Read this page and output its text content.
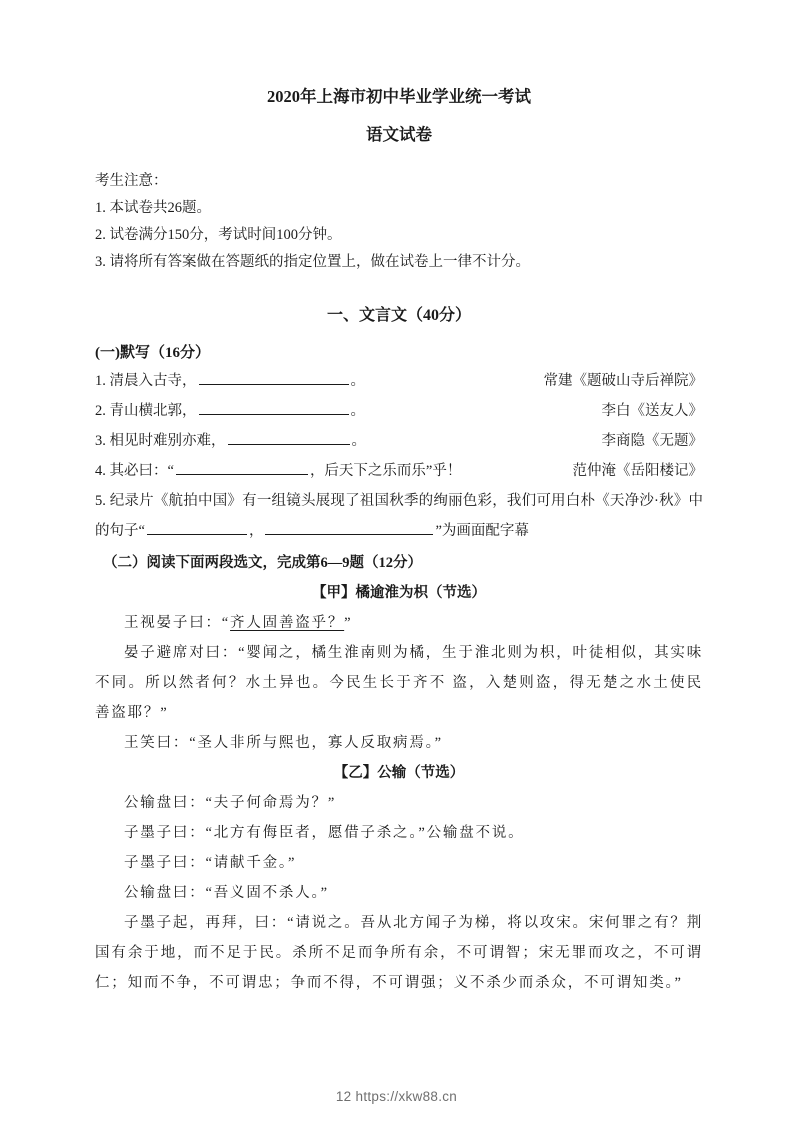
2020年上海市初中毕业学业统一考试
语文试卷
考生注意：
1. 本试卷共26题。
2. 试卷满分150分，考试时间100分钟。
3. 请将所有答案做在答题纸的指定位置上，做在试卷上一律不计分。
一、文言文（40分）
(一)默写（16分）
1. 清晨入古寺，	。	常建《题破山寺后禅院》
2. 青山横北郭，	。	李白《送友人》
3. 相见时难别亦难，	。	李商隐《无题》
4. 其必曰：“	，后天下之乐而乐”乎！	范仲淹《岳阳楼记》
5. 纪录片《航拍中国》有一组镜头展现了祖国秋季的绚丽色彩，我们可用白朴《天净沙·秋》中的句子“	，	”为画面配字幕
（二）阅读下面两段选文，完成第6—9题（12分）
【甲】橘逾淮为枳（节选）

王视晏子曰：“齐人固善盗乎？”

晏子避席对曰：“婴闻之，橘生淮南则为橘，生于淮北则为枳，叶徒相似，其实味不同。所以然者何？水土异也。今民生长于齐不 盗，入楚则盗，得无楚之水土使民善盗耶？”

王笑曰：“圣人非所与熙也，寡人反取病焉。”

【乙】公输（节选）

公输盘曰：“夫子何命焉为？”

子墨子曰：“北方有侮臣者，愿借子杀之。”公输盘不说。

子墨子曰：“请献千金。”

公输盘曰：“吾义固不杀人。”

子墨子起，再拜，曰：“请说之。吾从北方闻子为梯，将以攻宋。宋何罪之有？荆国有余于地，而不足于民。杀所不足而争所有余，不可谓智；宋无罪而攻之，不可谓仁；知而不争，不可谓忠；争而不得，不可谓强；义不杀少而杀众，不可谓知类。”

12 https://xkw88.cn
